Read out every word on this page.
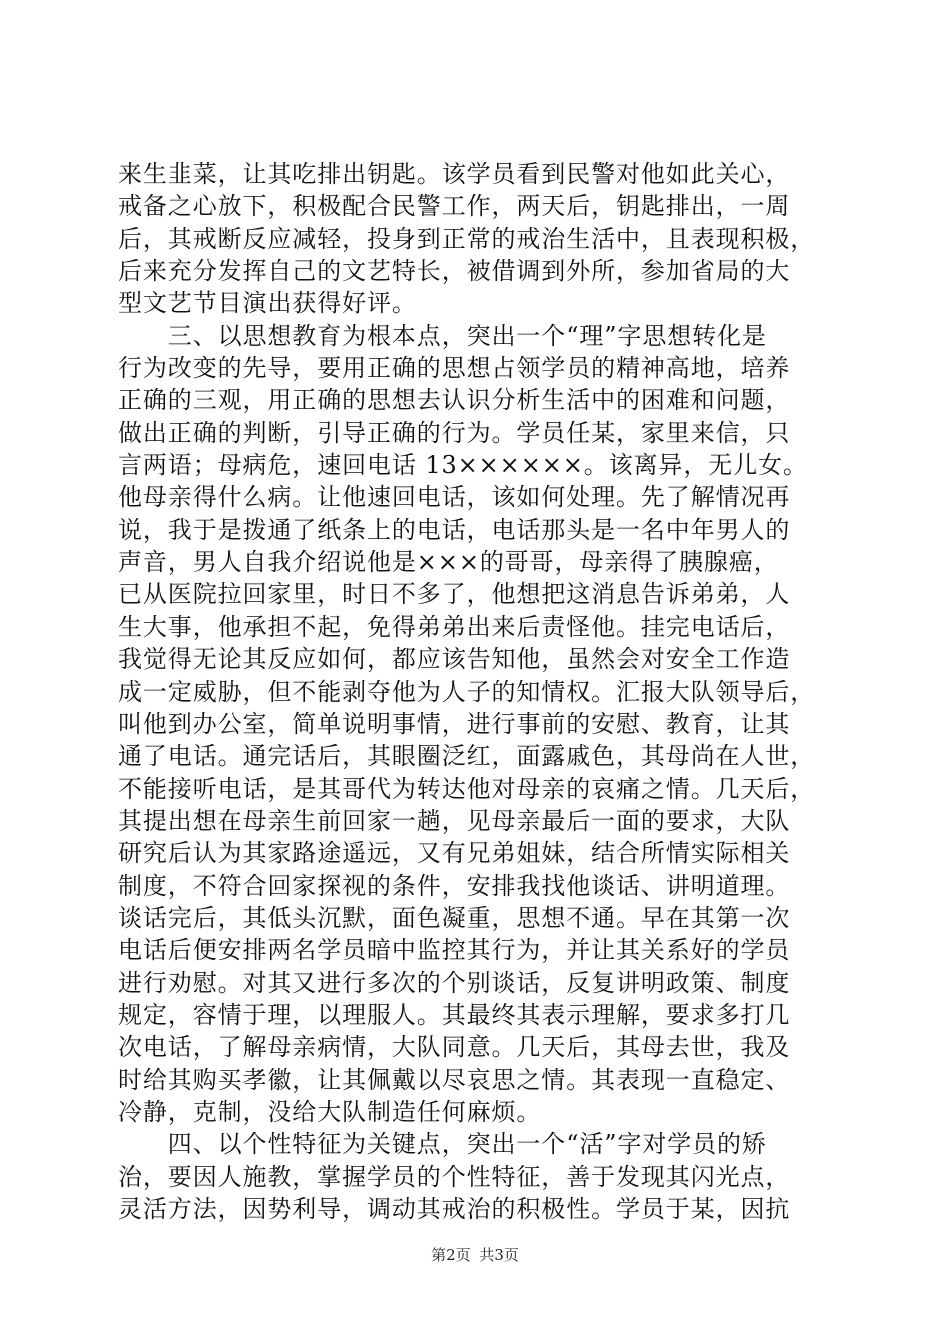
来生韭菜，让其吃排出钥匙。该学员看到民警对他如此关心，
戒备之心放下，积极配合民警工作，两天后，钥匙排出，一周
后，其戒断反应减轻，投身到正常的戒治生活中，且表现积极，
后来充分发挥自己的文艺特长，被借调到外所，参加省局的大
型文艺节目演出获得好评。
　　三、以思想教育为根本点，突出一个“理”字思想转化是
行为改变的先导，要用正确的思想占领学员的精神高地，培养
正确的三观，用正确的思想去认识分析生活中的困难和问题，
做出正确的判断，引导正确的行为。学员任某，家里来信，只
言两语；母病危，速回电话 13××××××。该离异，无儿女。
他母亲得什么病。让他速回电话，该如何处理。先了解情况再
说，我于是拨通了纸条上的电话，电话那头是一名中年男人的
声音，男人自我介绍说他是×××的哥哥，母亲得了胰腺癌，
已从医院拉回家里，时日不多了，他想把这消息告诉弟弟，人
生大事，他承担不起，免得弟弟出来后责怪他。挂完电话后，
我觉得无论其反应如何，都应该告知他，虽然会对安全工作造
成一定威胁，但不能剥夺他为人子的知情权。汇报大队领导后，
叫他到办公室，简单说明事情，进行事前的安慰、教育，让其
通了电话。通完话后，其眼圈泛红，面露戚色，其母尚在人世，
不能接听电话，是其哥代为转达他对母亲的哀痛之情。几天后，
其提出想在母亲生前回家一趟，见母亲最后一面的要求，大队
研究后认为其家路途遥远，又有兄弟姐妹，结合所情实际相关
制度，不符合回家探视的条件，安排我找他谈话、讲明道理。
谈话完后，其低头沉默，面色凝重，思想不通。早在其第一次
电话后便安排两名学员暗中监控其行为，并让其关系好的学员
进行劝慰。对其又进行多次的个别谈话，反复讲明政策、制度
规定，容情于理，以理服人。其最终其表示理解，要求多打几
次电话，了解母亲病情，大队同意。几天后，其母去世，我及
时给其购买孝徽，让其佩戴以尽哀思之情。其表现一直稳定、
冷静，克制，没给大队制造任何麻烦。
　　四、以个性特征为关键点，突出一个“活”字对学员的矫
治，要因人施教，掌握学员的个性特征，善于发现其闪光点，
灵活方法，因势利导，调动其戒治的积极性。学员于某，因抗
第2页 共3页
